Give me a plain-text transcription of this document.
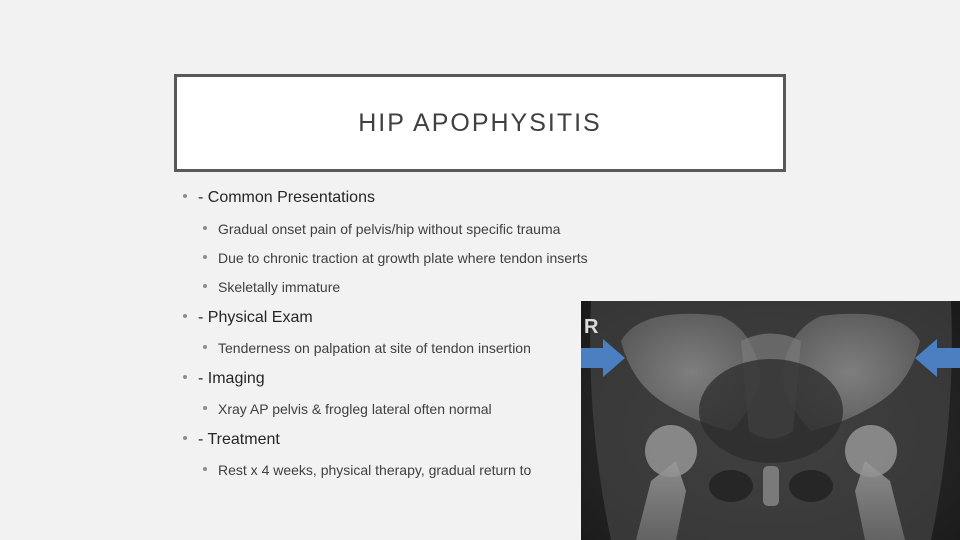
HIP APOPHYSITIS
- Common Presentations
Gradual onset pain of pelvis/hip without specific trauma
Due to chronic traction at growth plate where tendon inserts
Skeletally immature
- Physical Exam
Tenderness on palpation at site of tendon insertion
- Imaging
Xray AP pelvis & frogleg lateral often normal
- Treatment
Rest x 4 weeks, physical therapy, gradual return to
R
